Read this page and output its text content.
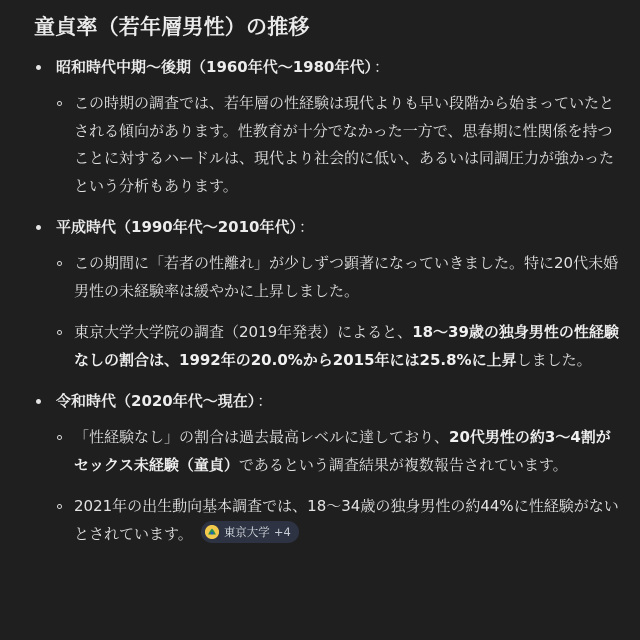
童貞率（若年層男性）の推移
昭和時代中期〜後期（1960年代〜1980年代） ：
この時期の調査では、若年層の性経験は現代よりも早い段階から始まっていたとされる傾向があります。性教育が十分でなかった一方で、思春期に性関係を持つことに対するハードルは、現代より社会的に低い、あるいは同調圧力が強かったという分析もあります。
平成時代（1990年代〜2010年代） ：
この期間に「若者の性離れ」が少しずつ顕著になっていきました。特に20代未婚男性の未経験率は緩やかに上昇しました。
東京大学大学院の調査（2019年発表）によると、18〜39歳の独身男性の性経験なしの割合は、1992年の20.0%から2015年には25.8%に上昇しました。
令和時代（2020年代〜現在） ：
「性経験なし」の割合は過去最高レベルに達しており、20代男性の約3〜4割がセックス未経験（童貞）であるという調査結果が複数報告されています。
2021年の出生動向基本調査では、18〜34歳の独身男性の約44%に性経験がないとされています。	東京大学 +4
